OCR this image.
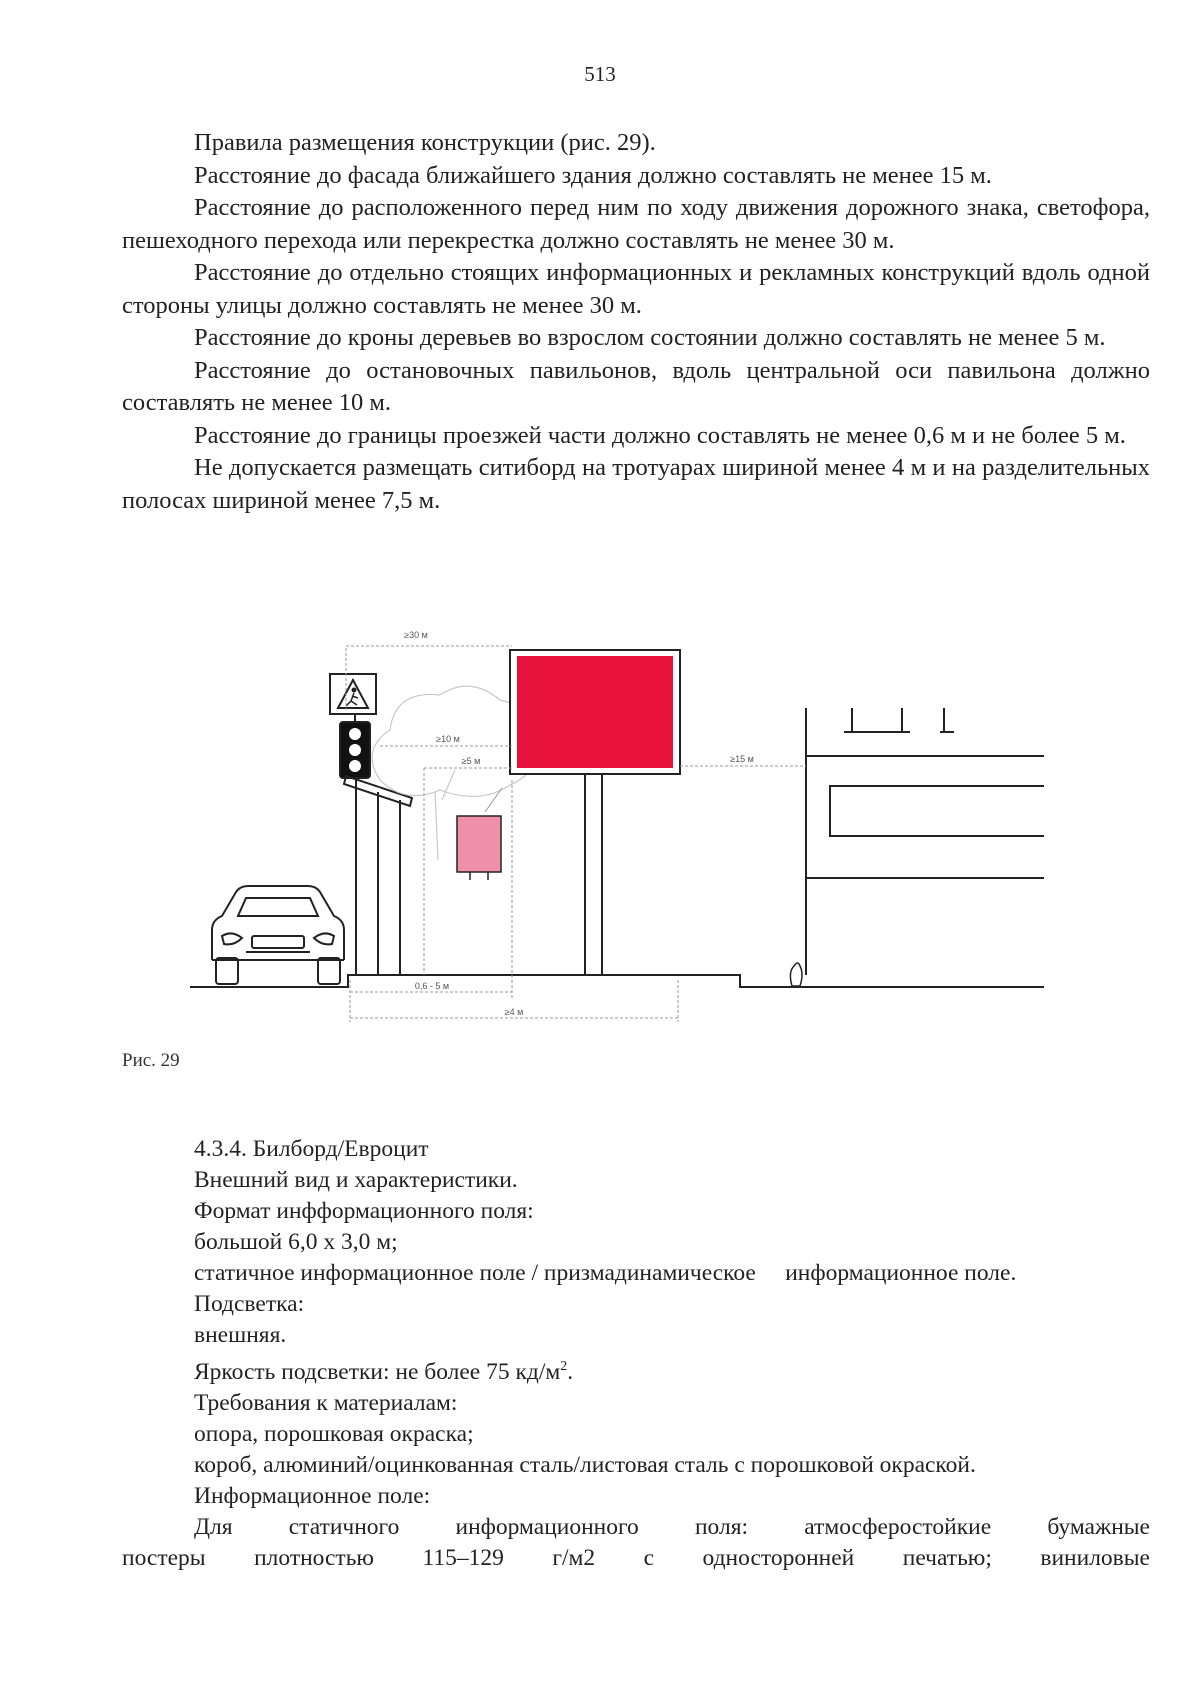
513

Правила размещения конструкции (рис. 29).

Расстояние до фасада ближайшего здания должно составлять не менее 15 м.

Расстояние до расположенного перед ним по ходу движения дорожного знака, светофора, пешеходного перехода или перекрестка должно составлять не менее 30 м.

Расстояние до отдельно стоящих информационных и рекламных конструкций вдоль одной стороны улицы должно составлять не менее 30 м.

Расстояние до кроны деревьев во взрослом состоянии должно составлять не менее 5 м.

Расстояние до остановочных павильонов, вдоль центральной оси павильона должно составлять не менее 10 м.

Расстояние до границы проезжей части должно составлять не менее 0,6 м и не более 5 м.

Не допускается размещать ситиборд на тротуарах шириной менее 4 м и на разделительных полосах шириной менее 7,5 м.

≥30 м
≥10 м
≥5 м	≥15 м
0,6 - 5 м
≥4 м
Рис. 29

4.3.4. Билборд/Евроцит

Внешний вид и характеристики.

Формат инфформационного поля:

большой 6,0 х 3,0 м;

статичное информационное поле / призмадинамическое     информационное поле.

Подсветка:

внешняя.

Яркость подсветки: не более 75 $кд/м^2$.

Требования к материалам:

опора, порошковая окраска;

короб, алюминий/оцинкованная сталь/листовая сталь с порошковой окраской.

Информационное поле:

Для статичного информационного поля: атмосферостойкие бумажные

постеры плотностью 115–129 г/м2 с односторонней печатью; виниловые
